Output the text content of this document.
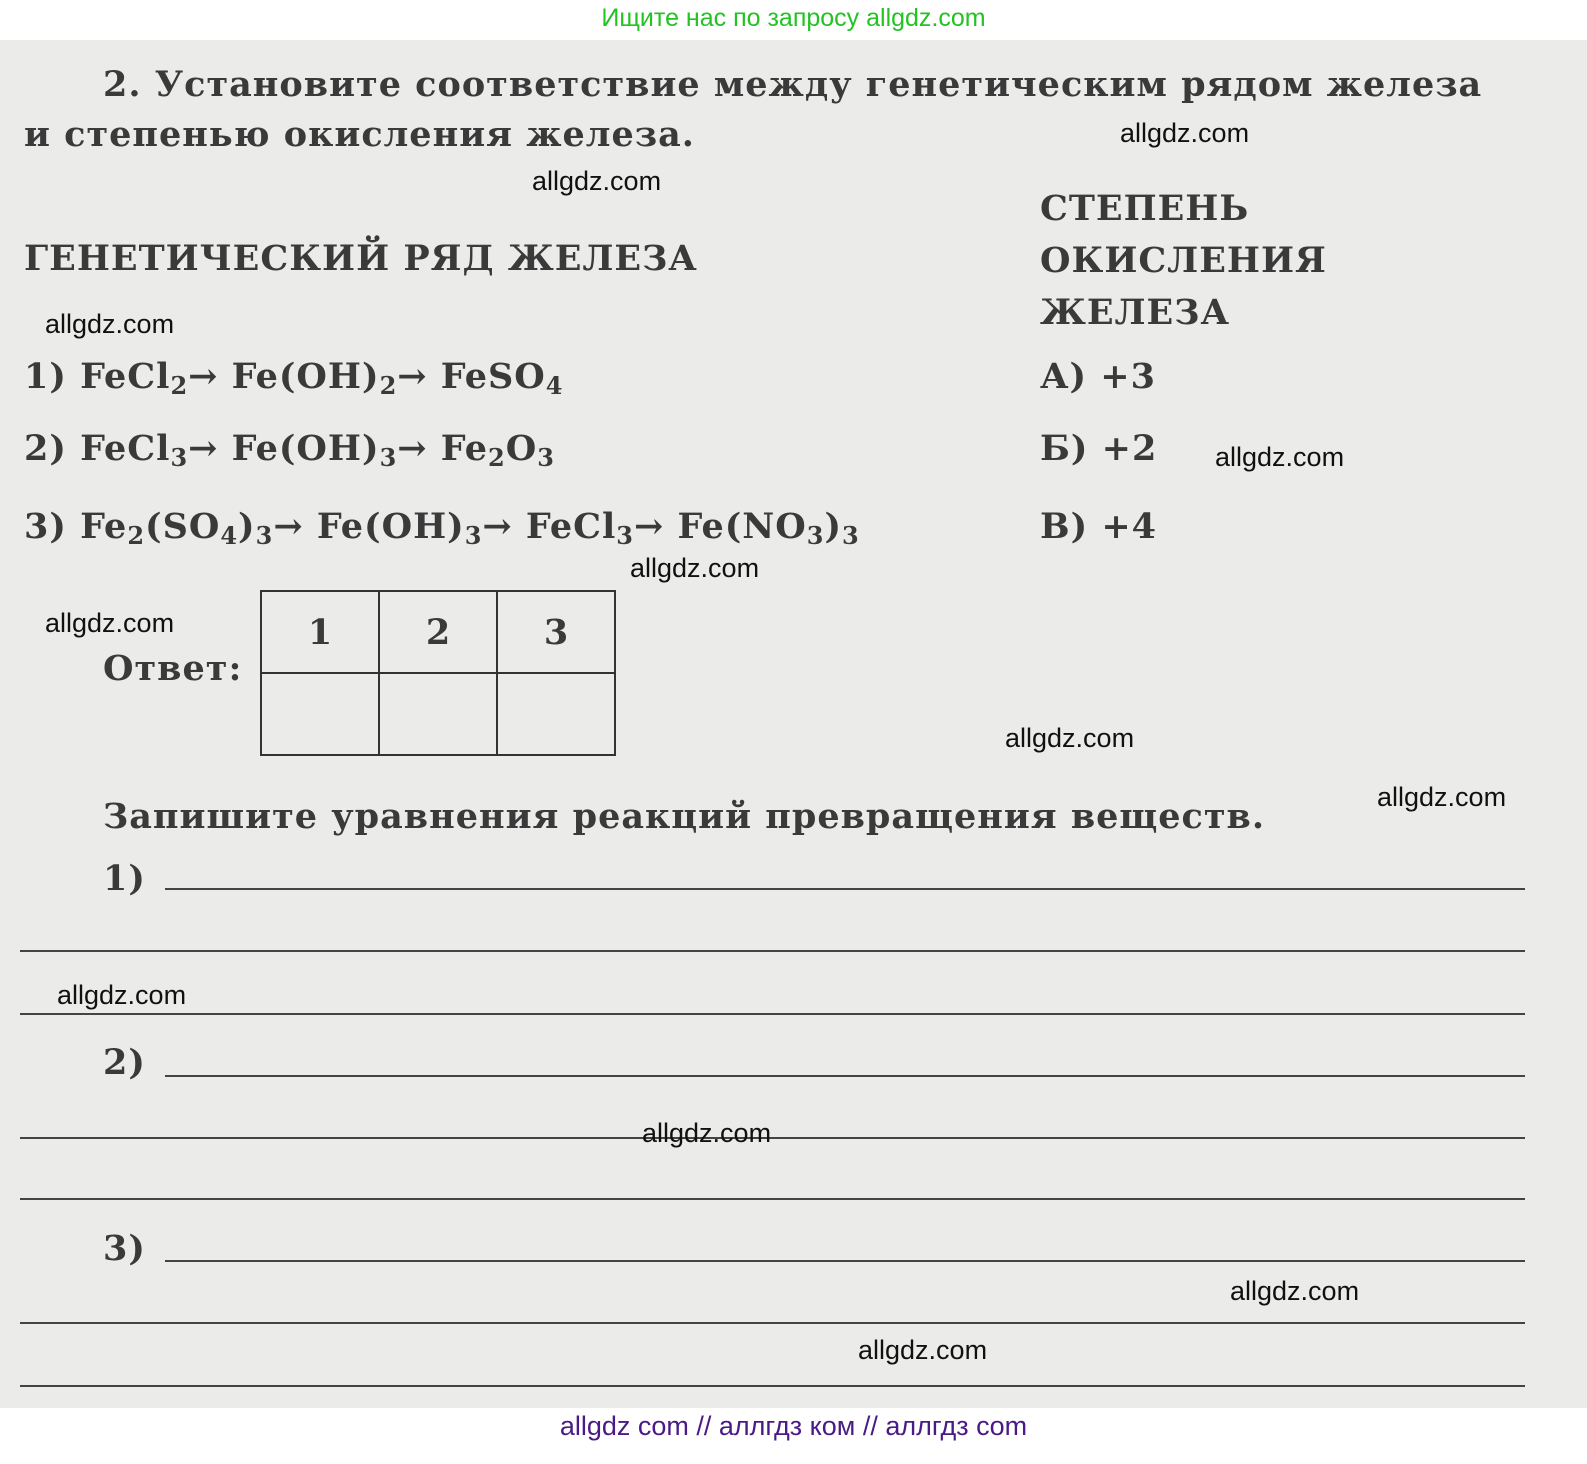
Ищите нас по запросу allgdz.com
2. Установите соответствие между генетическим рядом железа
и степенью окисления железа.
ГЕНЕТИЧЕСКИЙ РЯД ЖЕЛЕЗА
СТЕПЕНЬ
ОКИСЛЕНИЯ
ЖЕЛЕЗА
1) FeCl$_2$→ $Fe(OH)_2\to$ FeSO$_4$
2) FeCl$_3$→ $Fe(OH)_3\to Fe_2O_3$
3) $Fe_2(SO_4)_3\to Fe(OH)_3\to$ FeCl$_3$→ $Fe(NO_3)_3$
А) +3
Б) +2
В) +4
Ответ:
1	2	3

Запишите уравнения реакций превращения веществ.
1)
2)
3)
allgdz.com
allgdz.com
allgdz.com
allgdz.com
allgdz.com
allgdz.com
allgdz.com
allgdz.com
allgdz.com
allgdz.com
allgdz.com
allgdz.com
allgdz com // аллгдз ком // аллгдз com
